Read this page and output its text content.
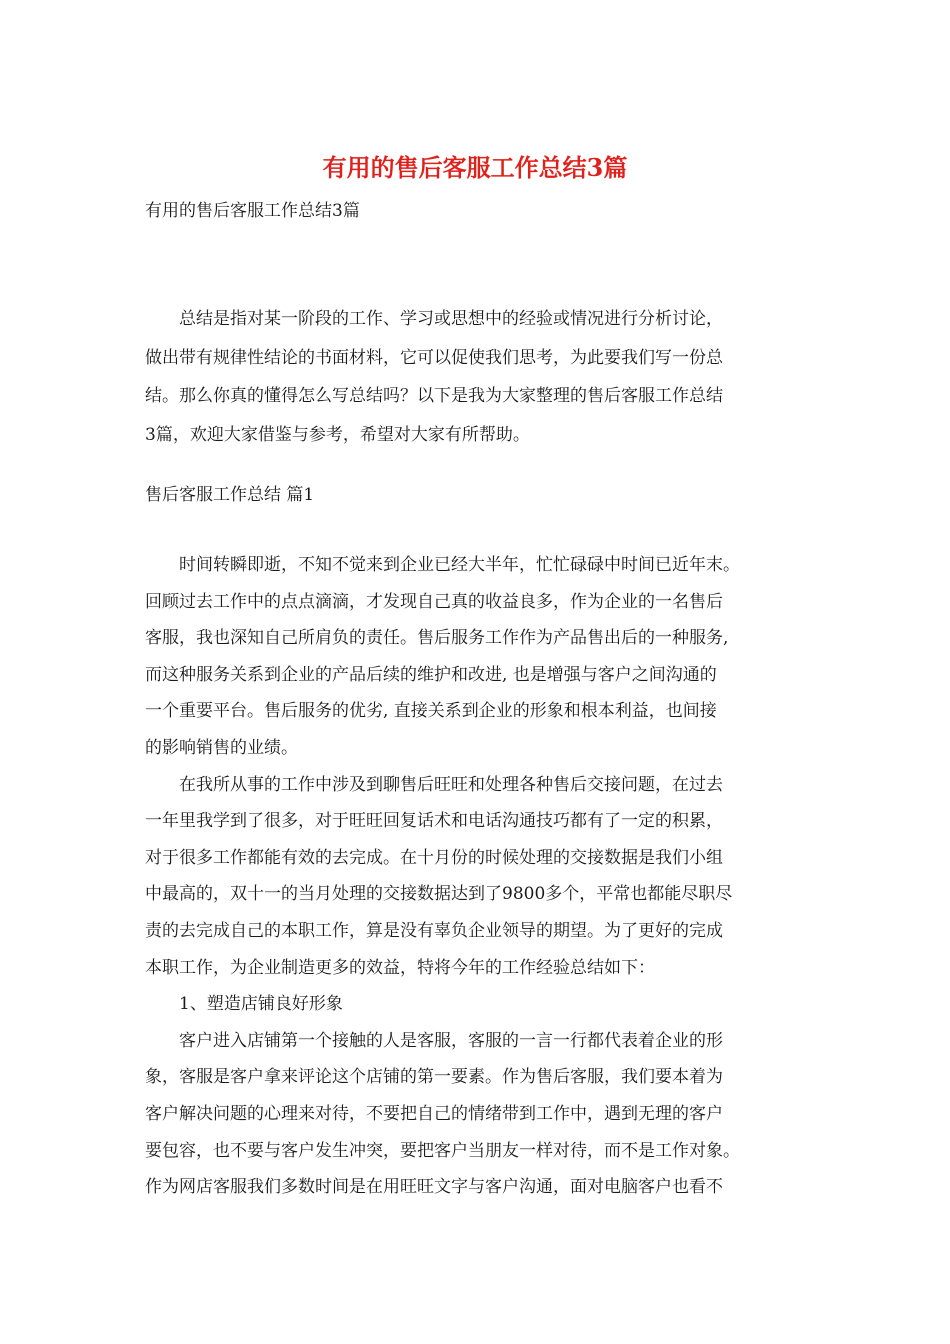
有用的售后客服工作总结3篇

有用的售后客服工作总结3篇

　　总结是指对某一阶段的工作、学习或思想中的经验或情况进行分析讨论，
做出带有规律性结论的书面材料，它可以促使我们思考，为此要我们写一份总
结。那么你真的懂得怎么写总结吗？以下是我为大家整理的售后客服工作总结
3篇，欢迎大家借鉴与参考，希望对大家有所帮助。

售后客服工作总结 篇1

　　时间转瞬即逝，不知不觉来到企业已经大半年，忙忙碌碌中时间已近年末。
回顾过去工作中的点点滴滴，才发现自己真的收益良多，作为企业的一名售后
客服，我也深知自己所肩负的责任。售后服务工作作为产品售出后的一种服务,
而这种服务关系到企业的产品后续的维护和改进, 也是增强与客户之间沟通的
一个重要平台。售后服务的优劣, 直接关系到企业的形象和根本利益，也间接
的影响销售的业绩。
　　在我所从事的工作中涉及到聊售后旺旺和处理各种售后交接问题，在过去
一年里我学到了很多，对于旺旺回复话术和电话沟通技巧都有了一定的积累，
对于很多工作都能有效的去完成。在十月份的时候处理的交接数据是我们小组
中最高的，双十一的当月处理的交接数据达到了9800多个，平常也都能尽职尽
责的去完成自己的本职工作，算是没有辜负企业领导的期望。为了更好的完成
本职工作，为企业制造更多的效益，特将今年的工作经验总结如下：
　　1、塑造店铺良好形象
　　客户进入店铺第一个接触的人是客服，客服的一言一行都代表着企业的形
象，客服是客户拿来评论这个店铺的第一要素。作为售后客服，我们要本着为
客户解决问题的心理来对待，不要把自己的情绪带到工作中，遇到无理的客户
要包容，也不要与客户发生冲突，要把客户当朋友一样对待，而不是工作对象。
作为网店客服我们多数时间是在用旺旺文字与客户沟通，面对电脑客户也看不
